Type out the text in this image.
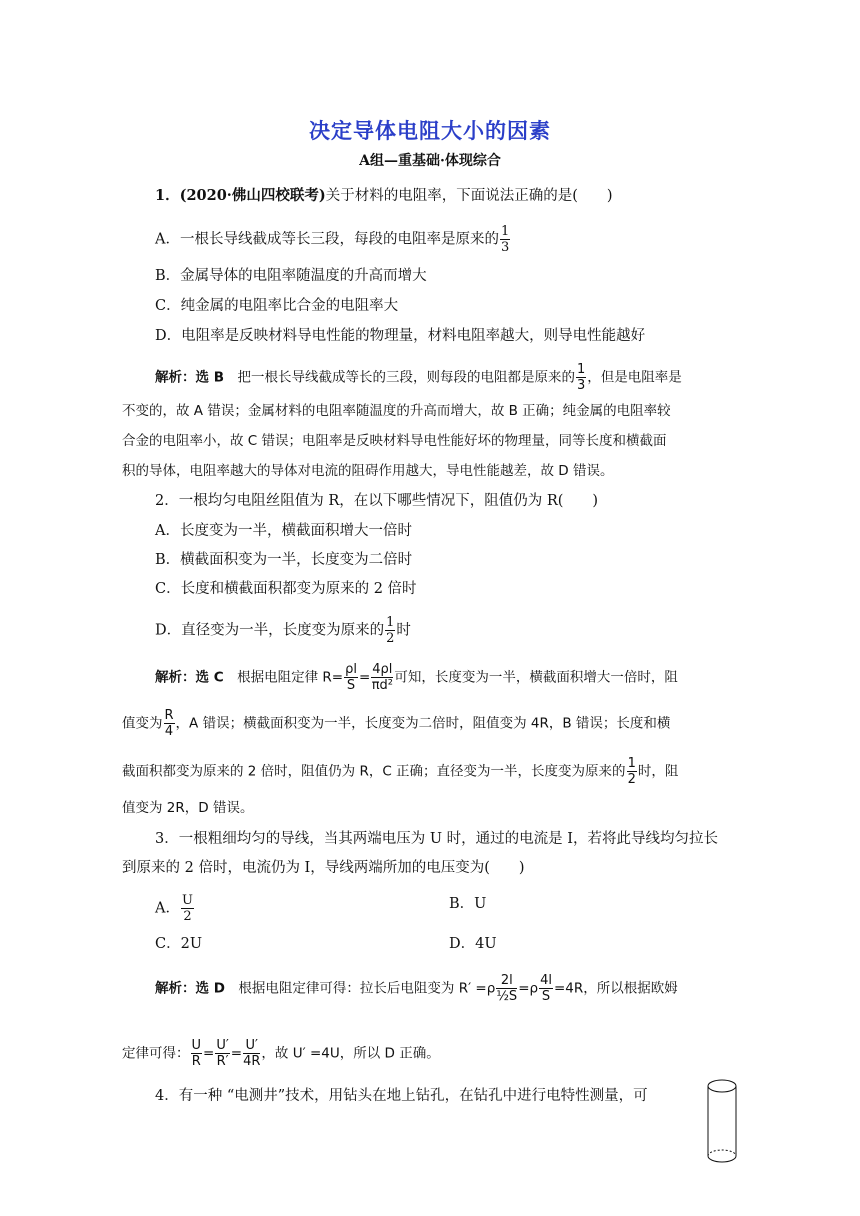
决定导体电阻大小的因素
A组—重基础·体现综合
1．(2020·佛山四校联考)关于材料的电阻率，下面说法正确的是(　　)
A．一根长导线截成等长三段，每段的电阻率是原来的 $\frac{1}{3}$
B．金属导体的电阻率随温度的升高而增大
C．纯金属的电阻率比合金的电阻率大
D．电阻率是反映材料导电性能的物理量，材料电阻率越大，则导电性能越好
解析：选 B　把一根长导线截成等长的三段，则每段的电阻都是原来的 $\frac{1}{3}$ ，但是电阻率是
不变的，故 A 错误；金属材料的电阻率随温度的升高而增大，故 B 正确；纯金属的电阻率较
合金的电阻率小，故 C 错误；电阻率是反映材料导电性能好坏的物理量，同等长度和横截面
积的导体，电阻率越大的导体对电流的阻碍作用越大，导电性能越差，故 D 错误。
2．一根均匀电阻丝阻值为 R，在以下哪些情况下，阻值仍为 R(　　)
A．长度变为一半，横截面积增大一倍时
B．横截面积变为一半，长度变为二倍时
C．长度和横截面积都变为原来的 2 倍时
D．直径变为一半，长度变为原来的 $\frac{1}{2}$ 时
解析：选 C　根据电阻定律 $R= \frac{\rho l}{S} = \frac{4\rho l}{\text{πd²}}$ 可知，长度变为一半，横截面积增大一倍时，阻
值变为 $\frac{R}{4}$ ，A 错误；横截面积变为一半，长度变为二倍时，阻值变为 4R，B 错误；长度和横
截面积都变为原来的 2 倍时，阻值仍为 R，C 正确；直径变为一半，长度变为原来的 $\frac{1}{2}$ 时，阻
值变为 2R，D 错误。
3．一根粗细均匀的导线，当其两端电压为 U 时，通过的电流是 I，若将此导线均匀拉长
到原来的 2 倍时，电流仍为 I，导线两端所加的电压变为(　　)
A． $\frac{U}{2}$	B．U
C．2U	D．4U
解析：选 D　根据电阻定律可得：拉长后电阻变为 $R' =\rho \frac{2l}{\text{½S}} =\rho \frac{4l}{S} =4R$，所以根据欧姆
定律可得： $\frac{U}{R} = \frac{U'}{R'} = \frac{U'}{4R}$ ，故 U′ =4U，所以 D 正确。
4．有一种 “电测井”技术，用钻头在地上钻孔，在钻孔中进行电特性测量，可
